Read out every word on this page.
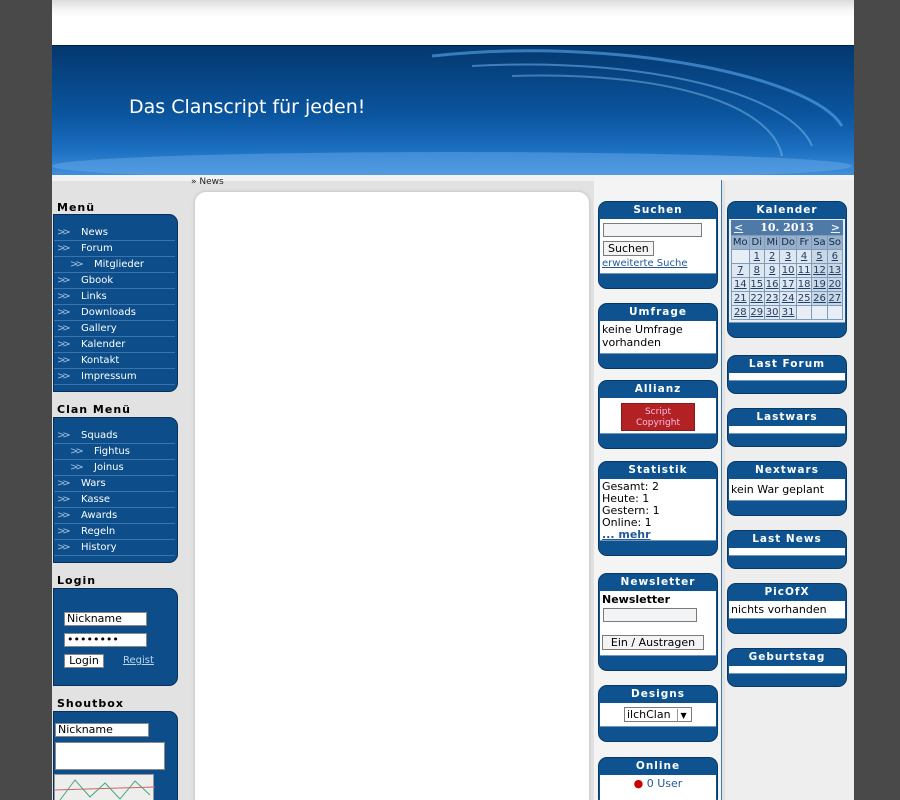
Das Clanscript für jeden!
Menü
>> News
>> Forum
>> Mitglieder
>> Gbook
>> Links
>> Downloads
>> Gallery
>> Kalender
>> Kontakt
>> Impressum
Clan Menü
>> Squads
>> Fightus
>> Joinus
>> Wars
>> Kasse
>> Awards
>> Regeln
>> History
Login
Nickname
••••••••
Login	Regist
Shoutbox
Nickname
» News
Suchen
Suchen
erweiterte Suche
Umfrage
keine Umfrage vorhanden
Allianz
Script
Copyright
Statistik
Gesamt: 2
Heute: 1
Gestern: 1
Online: 1
... mehr
Newsletter
Newsletter
Ein / Austragen
Designs
ilchClan ▼
Online
● 0 User
Kalender
< 10. 2013 >
Mo	Di	Mi	Do	Fr	Sa	So
	1	2	3	4	5	6
7	8	9	10	11	12	13
14	15	16	17	18	19	20
21	22	23	24	25	26	27
28	29	30	31			
Last Forum
Lastwars
Nextwars
kein War geplant
Last News
PicOfX
nichts vorhanden
Geburtstag
